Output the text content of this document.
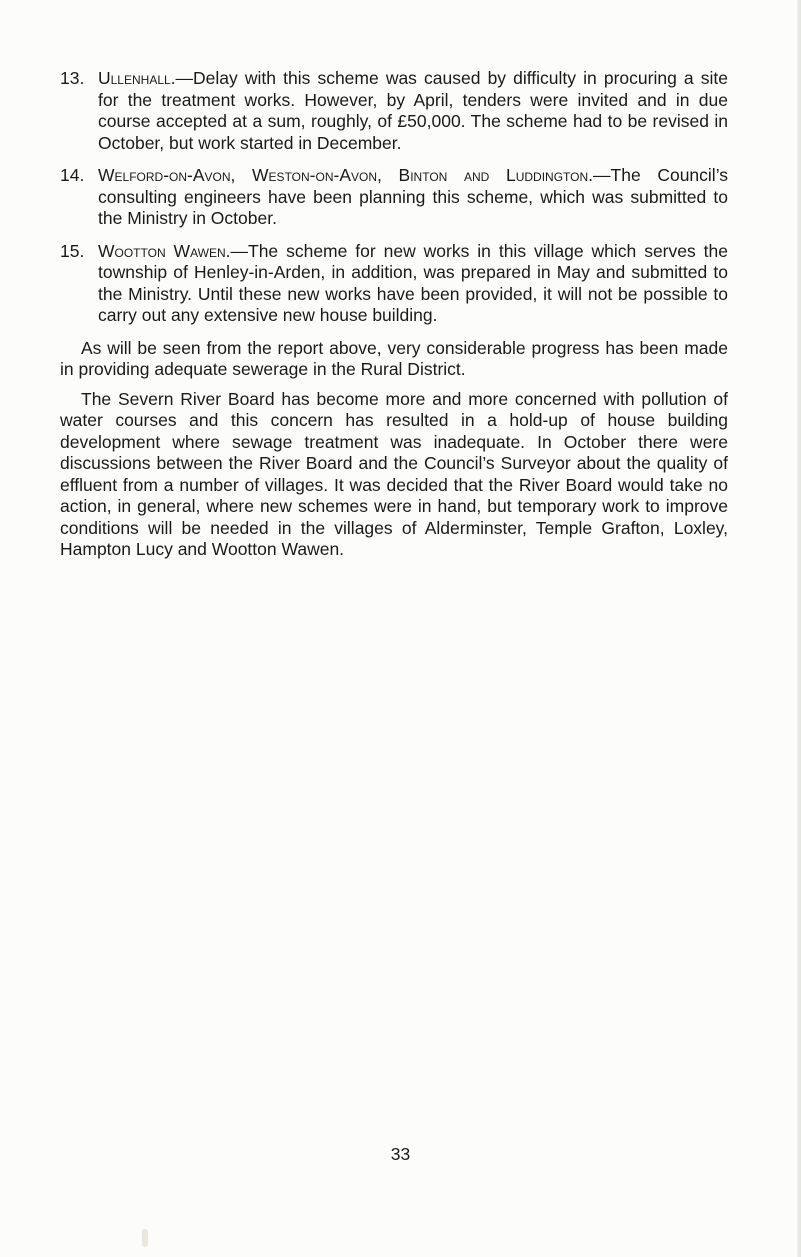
13. Ullenhall.—Delay with this scheme was caused by difficulty in procuring a site for the treatment works. However, by April, tenders were invited and in due course accepted at a sum, roughly, of £50,000. The scheme had to be revised in October, but work started in December.
14. Welford-on-Avon, Weston-on-Avon, Binton and Luddington.—The Council’s consulting engineers have been planning this scheme, which was submitted to the Ministry in October.
15. Wootton Wawen.—The scheme for new works in this village which serves the township of Henley-in-Arden, in addition, was prepared in May and submitted to the Ministry. Until these new works have been provided, it will not be possible to carry out any extensive new house building.

As will be seen from the report above, very considerable progress has been made in providing adequate sewerage in the Rural District.

The Severn River Board has become more and more concerned with pollution of water courses and this concern has resulted in a hold-up of house building development where sewage treatment was inadequate. In October there were discussions between the River Board and the Council’s Surveyor about the quality of effluent from a number of villages. It was decided that the River Board would take no action, in general, where new schemes were in hand, but temporary work to improve conditions will be needed in the villages of Alderminster, Temple Grafton, Loxley, Hampton Lucy and Wootton Wawen.

33
